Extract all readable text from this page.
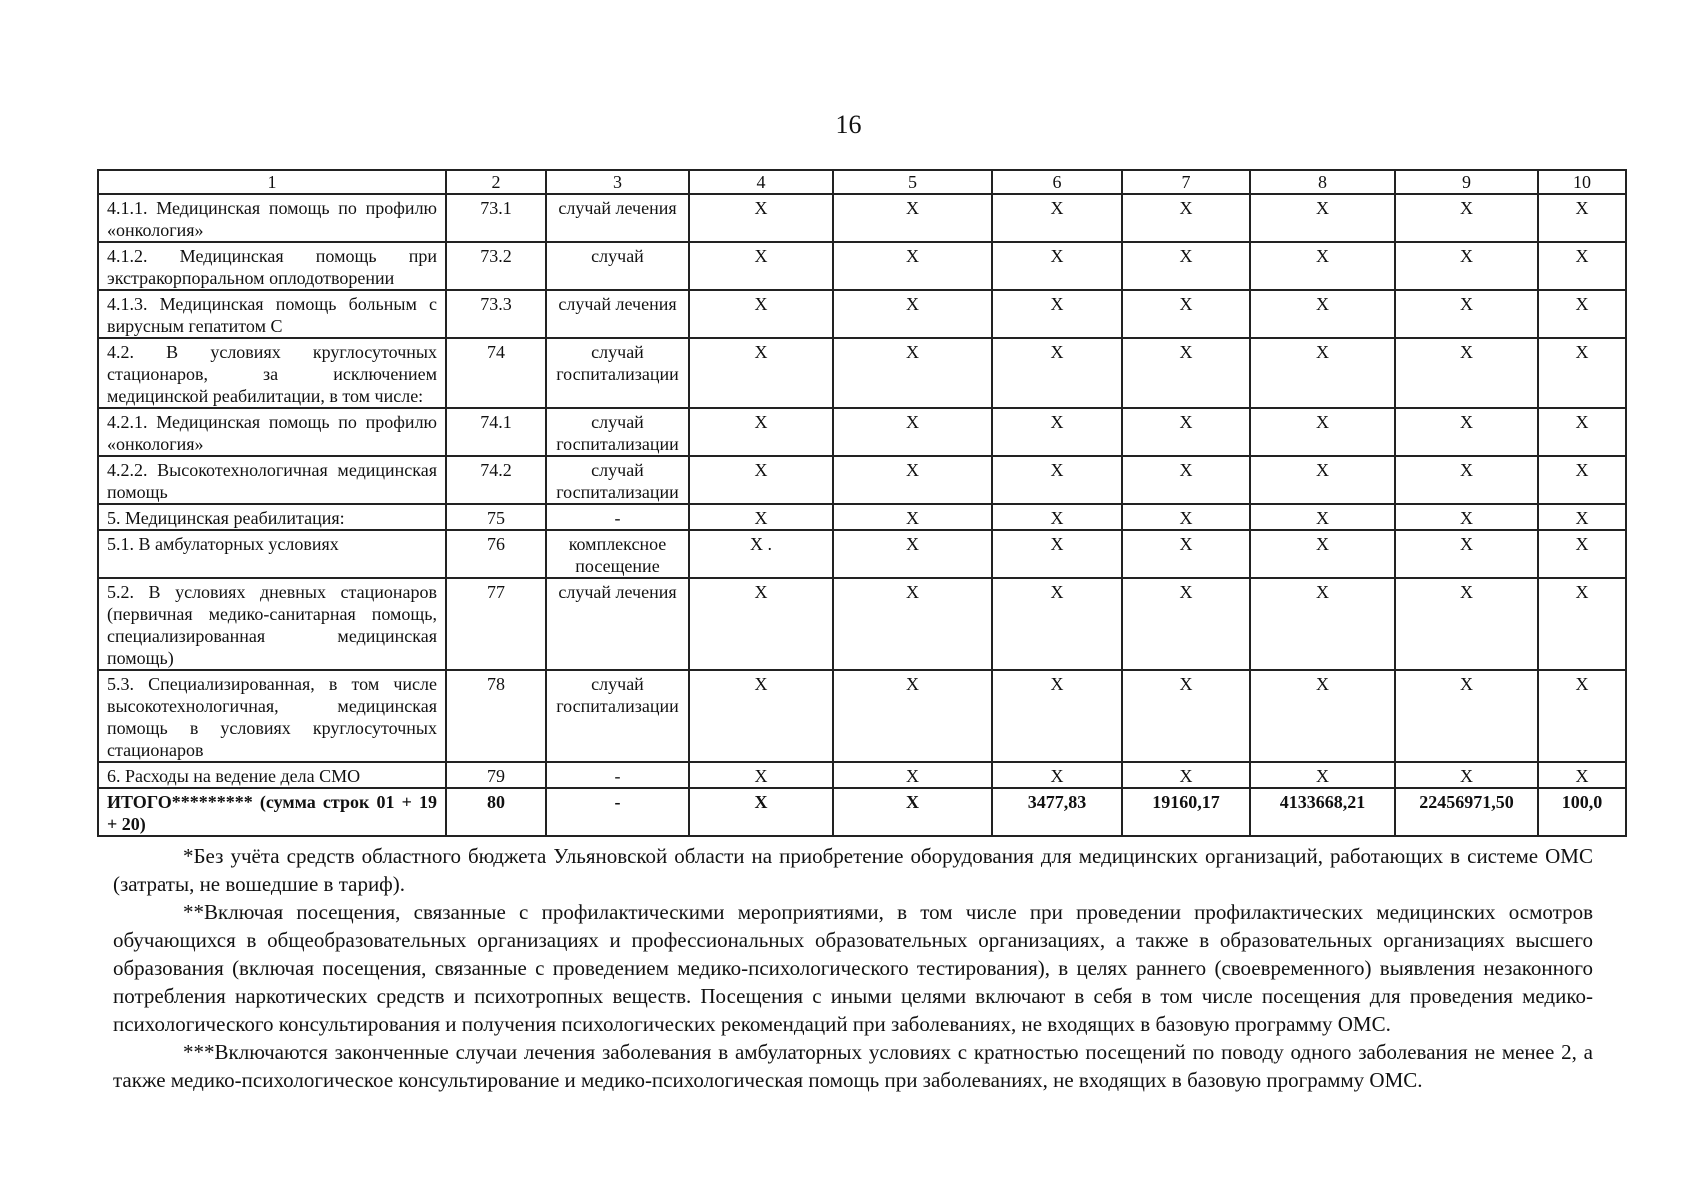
16
1	2	3	4	5	6	7	8	9	10
4.1.1. Медицинская помощь по профилю «онкология»	73.1	случай лечения	X	X	X	X	X	X	X
4.1.2. Медицинская помощь при экстракорпоральном оплодотворении	73.2	случай	X	X	X	X	X	X	X
4.1.3. Медицинская помощь больным с вирусным гепатитом С	73.3	случай лечения	X	X	X	X	X	X	X
4.2. В условиях круглосуточных стационаров, за исключением медицинской реабилитации, в том числе:	74	случай госпитализации	X	X	X	X	X	X	X
4.2.1. Медицинская помощь по профилю «онкология»	74.1	случай госпитализации	X	X	X	X	X	X	X
4.2.2. Высокотехнологичная медицинская помощь	74.2	случай госпитализации	X	X	X	X	X	X	X
5. Медицинская реабилитация:	75	-	X	X	X	X	X	X	X
5.1. В амбулаторных условиях	76	комплексное посещение	X .	X	X	X	X	X	X
5.2. В условиях дневных стационаров (первичная медико-санитарная помощь, специализированная медицинская помощь)	77	случай лечения	X	X	X	X	X	X	X
5.3. Специализированная, в том числе высокотехнологичная, медицинская помощь в условиях круглосуточных стационаров	78	случай госпитализации	X	X	X	X	X	X	X
6. Расходы на ведение дела СМО	79	-	X	X	X	X	X	X	X
ИТОГО********* (сумма строк 01 + 19 + 20)	80	-	X	X	3477,83	19160,17	4133668,21	22456971,50	100,0

*Без учёта средств областного бюджета Ульяновской области на приобретение оборудования для медицинских организаций, работающих в системе ОМС (затраты, не вошедшие в тариф).

**Включая посещения, связанные с профилактическими мероприятиями, в том числе при проведении профилактических медицинских осмотров обучающихся в общеобразовательных организациях и профессиональных образовательных организациях, а также в образовательных организациях высшего образования (включая посещения, связанные с проведением медико-психологического тестирования), в целях раннего (своевременного) выявления незаконного потребления наркотических средств и психотропных веществ. Посещения с иными целями включают в себя в том числе посещения для проведения медико-психологического консультирования и получения психологических рекомендаций при заболеваниях, не входящих в базовую программу ОМС.

***Включаются законченные случаи лечения заболевания в амбулаторных условиях с кратностью посещений по поводу одного заболевания не менее 2, а также медико-психологическое консультирование и медико-психологическая помощь при заболеваниях, не входящих в базовую программу ОМС.
